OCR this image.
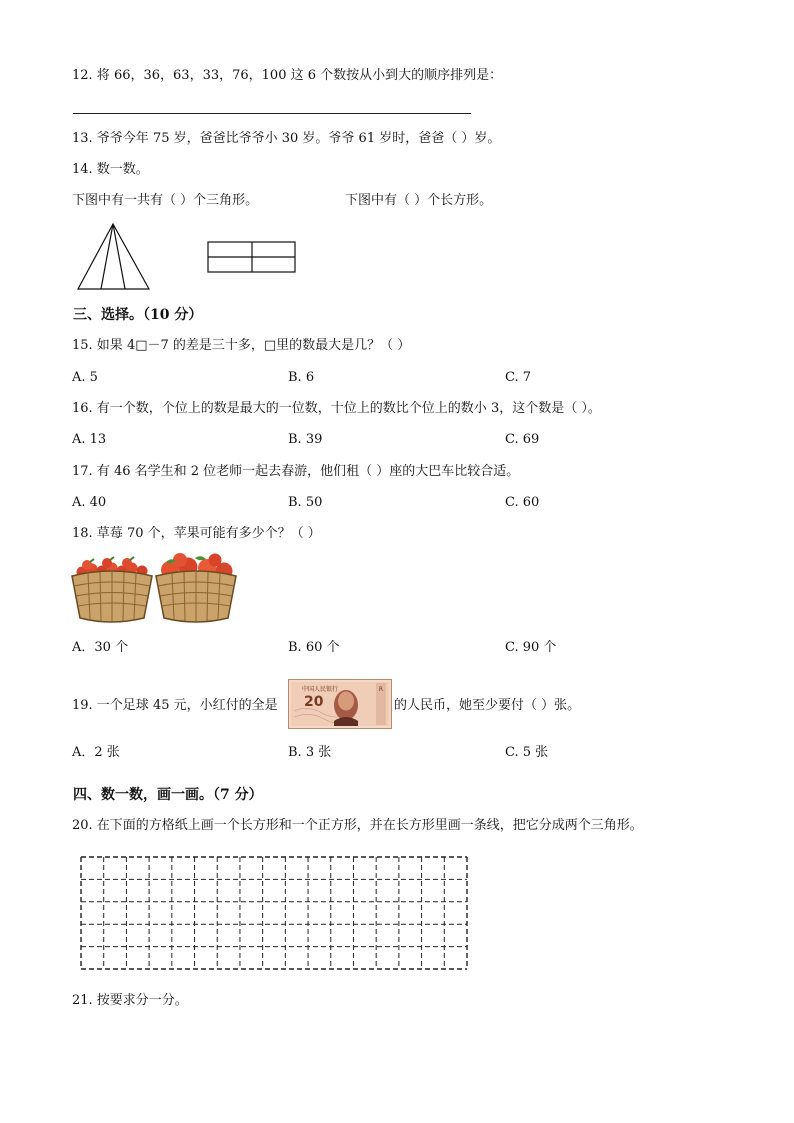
12. 将 66，36，63，33，76，100 这 6 个数按从小到大的顺序排列是：
13. 爷爷今年 75 岁，爸爸比爷爷小 30 岁。爷爷 61 岁时，爸爸（ ）岁。
14. 数一数。
下图中有一共有（ ）个三角形。	下图中有（ ）个长方形。
三、选择。（10 分）
15. 如果 4□－7 的差是三十多，□里的数最大是几？（ ）
A. 5	B. 6	C. 7
16. 有一个数，个位上的数是最大的一位数，十位上的数比个位上的数小 3，这个数是（ ）。
A. 13	B. 39	C. 69
17. 有 46 名学生和 2 位老师一起去春游，他们租（ ）座的大巴车比较合适。
A. 40	B. 50	C. 60
18. 草莓 70 个，苹果可能有多少个？（ ）
A．30 个	B. 60 个	C. 90 个
19. 一个足球 45 元，小红付的全是
中国人民银行
20
R
的人民币，她至少要付（ ）张。
A．2 张	B. 3 张	C. 5 张
四、数一数，画一画。（7 分）
20. 在下面的方格纸上画一个长方形和一个正方形，并在长方形里画一条线，把它分成两个三角形。
21. 按要求分一分。
